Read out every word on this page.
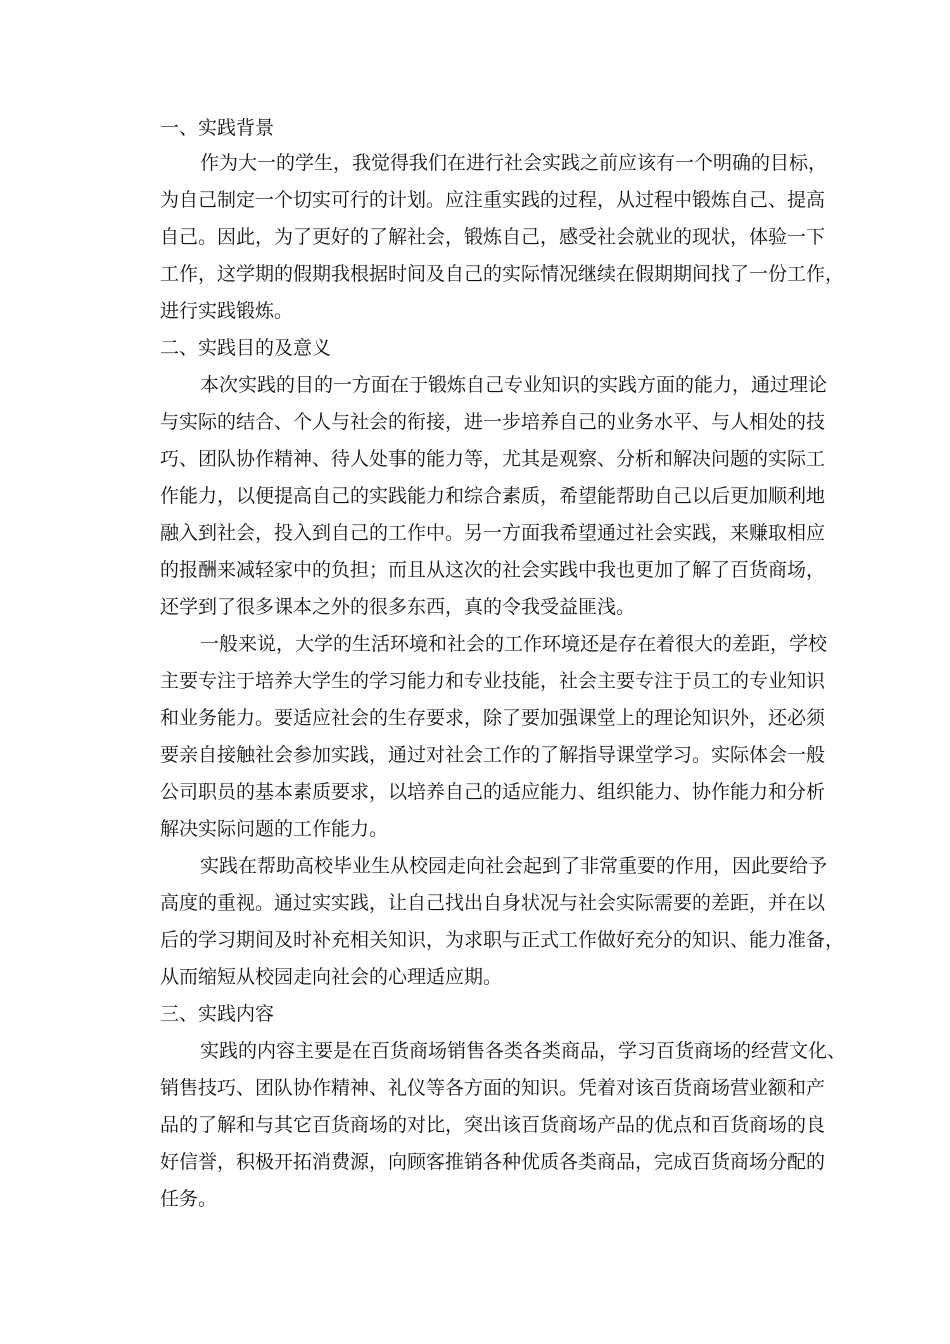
一、实践背景
作为大一的学生，我觉得我们在进行社会实践之前应该有一个明确的目标，
为自己制定一个切实可行的计划。应注重实践的过程，从过程中锻炼自己、提高
自己。因此，为了更好的了解社会，锻炼自己，感受社会就业的现状，体验一下
工作，这学期的假期我根据时间及自己的实际情况继续在假期期间找了一份工作，
进行实践锻炼。
二、实践目的及意义
本次实践的目的一方面在于锻炼自己专业知识的实践方面的能力，通过理论
与实际的结合、个人与社会的衔接，进一步培养自己的业务水平、与人相处的技
巧、团队协作精神、待人处事的能力等，尤其是观察、分析和解决问题的实际工
作能力，以便提高自己的实践能力和综合素质，希望能帮助自己以后更加顺利地
融入到社会，投入到自己的工作中。另一方面我希望通过社会实践，来赚取相应
的报酬来减轻家中的负担；而且从这次的社会实践中我也更加了解了百货商场，
还学到了很多课本之外的很多东西，真的令我受益匪浅。
一般来说，大学的生活环境和社会的工作环境还是存在着很大的差距，学校
主要专注于培养大学生的学习能力和专业技能，社会主要专注于员工的专业知识
和业务能力。要适应社会的生存要求，除了要加强课堂上的理论知识外，还必须
要亲自接触社会参加实践，通过对社会工作的了解指导课堂学习。实际体会一般
公司职员的基本素质要求，以培养自己的适应能力、组织能力、协作能力和分析
解决实际问题的工作能力。
实践在帮助高校毕业生从校园走向社会起到了非常重要的作用，因此要给予
高度的重视。通过实实践，让自己找出自身状况与社会实际需要的差距，并在以
后的学习期间及时补充相关知识，为求职与正式工作做好充分的知识、能力准备，
从而缩短从校园走向社会的心理适应期。
三、实践内容
实践的内容主要是在百货商场销售各类各类商品，学习百货商场的经营文化、
销售技巧、团队协作精神、礼仪等各方面的知识。凭着对该百货商场营业额和产
品的了解和与其它百货商场的对比，突出该百货商场产品的优点和百货商场的良
好信誉，积极开拓消费源，向顾客推销各种优质各类商品，完成百货商场分配的
任务。
